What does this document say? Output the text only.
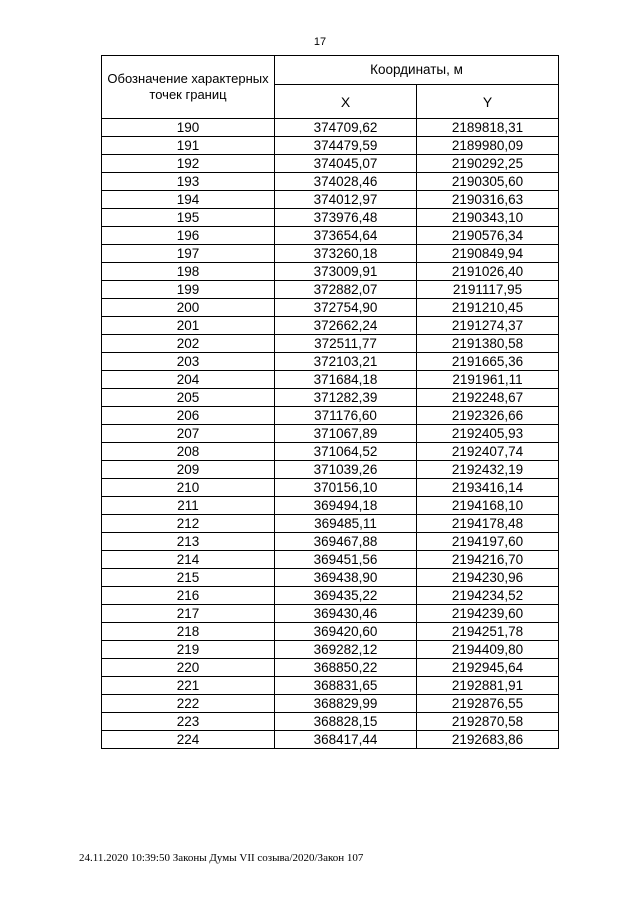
17
Обозначение характерных точек границ	Координаты, м	
	X	Y
190	374709,62	2189818,31
191	374479,59	2189980,09
192	374045,07	2190292,25
193	374028,46	2190305,60
194	374012,97	2190316,63
195	373976,48	2190343,10
196	373654,64	2190576,34
197	373260,18	2190849,94
198	373009,91	2191026,40
199	372882,07	2191117,95
200	372754,90	2191210,45
201	372662,24	2191274,37
202	372511,77	2191380,58
203	372103,21	2191665,36
204	371684,18	2191961,11
205	371282,39	2192248,67
206	371176,60	2192326,66
207	371067,89	2192405,93
208	371064,52	2192407,74
209	371039,26	2192432,19
210	370156,10	2193416,14
211	369494,18	2194168,10
212	369485,11	2194178,48
213	369467,88	2194197,60
214	369451,56	2194216,70
215	369438,90	2194230,96
216	369435,22	2194234,52
217	369430,46	2194239,60
218	369420,60	2194251,78
219	369282,12	2194409,80
220	368850,22	2192945,64
221	368831,65	2192881,91
222	368829,99	2192876,55
223	368828,15	2192870,58
224	368417,44	2192683,86
24.11.2020 10:39:50 Законы Думы VII созыва/2020/Закон 107
